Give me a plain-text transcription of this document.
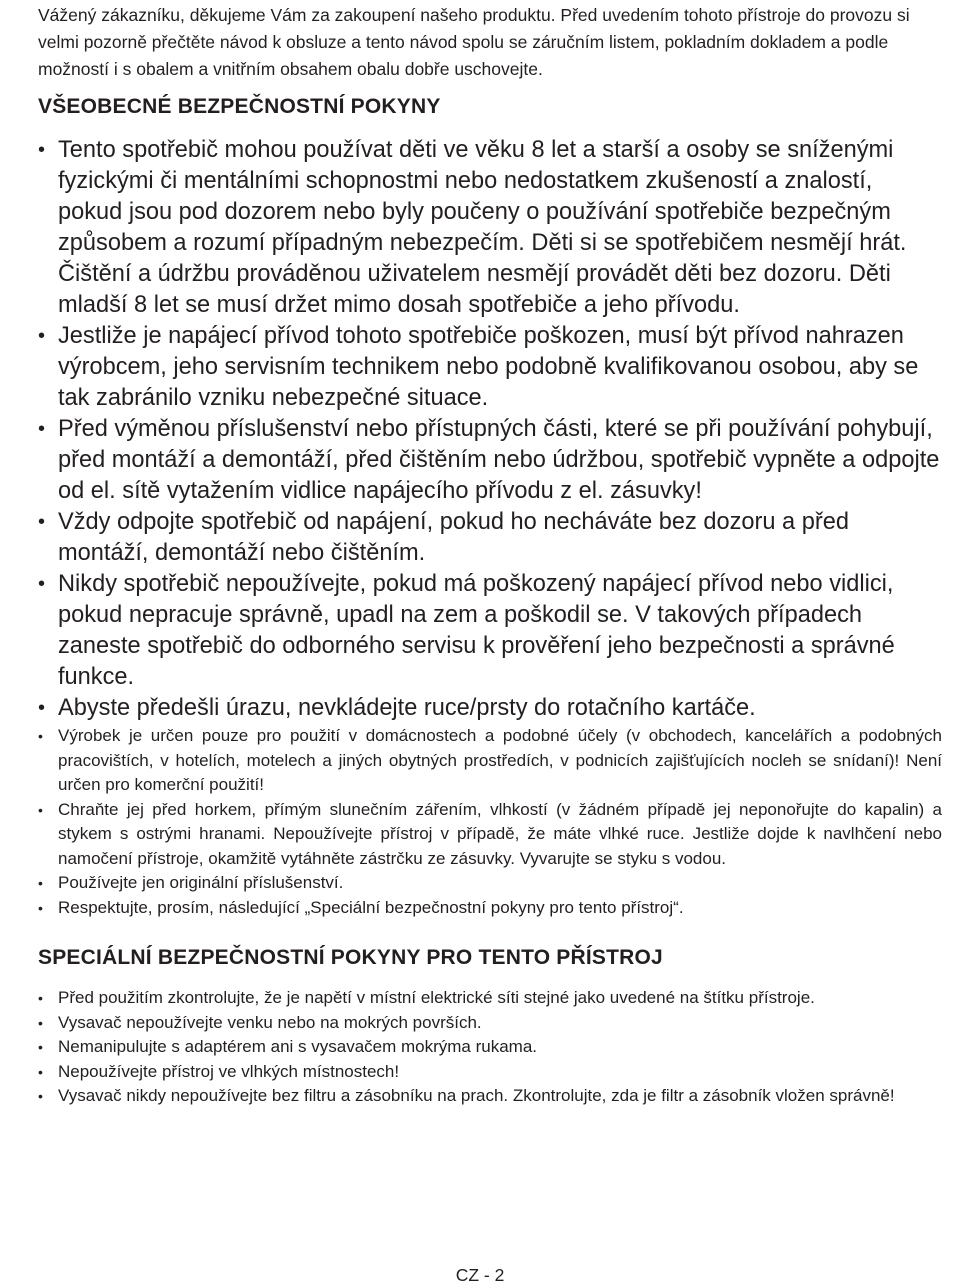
Vážený zákazníku, děkujeme Vám za zakoupení našeho produktu. Před uvedením tohoto přístroje do provozu si velmi pozorně přečtěte návod k obsluze a tento návod spolu se záručním listem, pokladním dokladem a podle možností i s obalem a vnitřním obsahem obalu dobře uschovejte.

VŠEOBECNÉ BEZPEČNOSTNÍ POKYNY
• Tento spotřebič mohou používat děti ve věku 8 let a starší a osoby se sníženými fyzickými či mentálními schopnostmi nebo nedostatkem zkušeností a znalostí, pokud jsou pod dozorem nebo byly poučeny o používání spotřebiče bezpečným způsobem a rozumí případným nebezpečím. Děti si se spotřebičem nesmějí hrát. Čištění a údržbu prováděnou uživatelem nesmějí provádět děti bez dozoru. Děti mladší 8 let se musí držet mimo dosah spotřebiče a jeho přívodu.
• Jestliže je napájecí přívod tohoto spotřebiče poškozen, musí být přívod nahrazen výrobcem, jeho servisním technikem nebo podobně kvalifikovanou osobou, aby se tak zabránilo vzniku nebezpečné situace.
• Před výměnou příslušenství nebo přístupných části, které se při používání pohybují, před montáží a demontáží, před čištěním nebo údržbou, spotřebič vypněte a odpojte od el. sítě vytažením vidlice napájecího přívodu z el. zásuvky!
• Vždy odpojte spotřebič od napájení, pokud ho necháváte bez dozoru a před montáží, demontáží nebo čištěním.
• Nikdy spotřebič nepoužívejte, pokud má poškozený napájecí přívod nebo vidlici, pokud nepracuje správně, upadl na zem a poškodil se. V takových případech zaneste spotřebič do odborného servisu k prověření jeho bezpečnosti a správné funkce.
• Abyste předešli úrazu, nevkládejte ruce/prsty do rotačního kartáče.
• Výrobek je určen pouze pro použití v domácnostech a podobné účely (v obchodech, kancelářích a podobných pracovištích, v hotelích, motelech a jiných obytných prostředích, v podnicích zajišťujících nocleh se snídaní)! Není určen pro komerční použití!
• Chraňte jej před horkem, přímým slunečním zářením, vlhkostí (v žádném případě jej neponořujte do kapalin) a stykem s ostrými hranami. Nepoužívejte přístroj v případě, že máte vlhké ruce. Jestliže dojde k navlhčení nebo namočení přístroje, okamžitě vytáhněte zástrčku ze zásuvky. Vyvarujte se styku s vodou.
• Používejte jen originální příslušenství.
• Respektujte, prosím, následující „Speciální bezpečnostní pokyny pro tento přístroj“.
SPECIÁLNÍ BEZPEČNOSTNÍ POKYNY PRO TENTO PŘÍSTROJ
• Před použitím zkontrolujte, že je napětí v místní elektrické síti stejné jako uvedené na štítku přístroje.
• Vysavač nepoužívejte venku nebo na mokrých površích.
• Nemanipulujte s adaptérem ani s vysavačem mokrýma rukama.
• Nepoužívejte přístroj ve vlhkých místnostech!
• Vysavač nikdy nepoužívejte bez filtru a zásobníku na prach. Zkontrolujte, zda je filtr a zásobník vložen správně!
CZ - 2
